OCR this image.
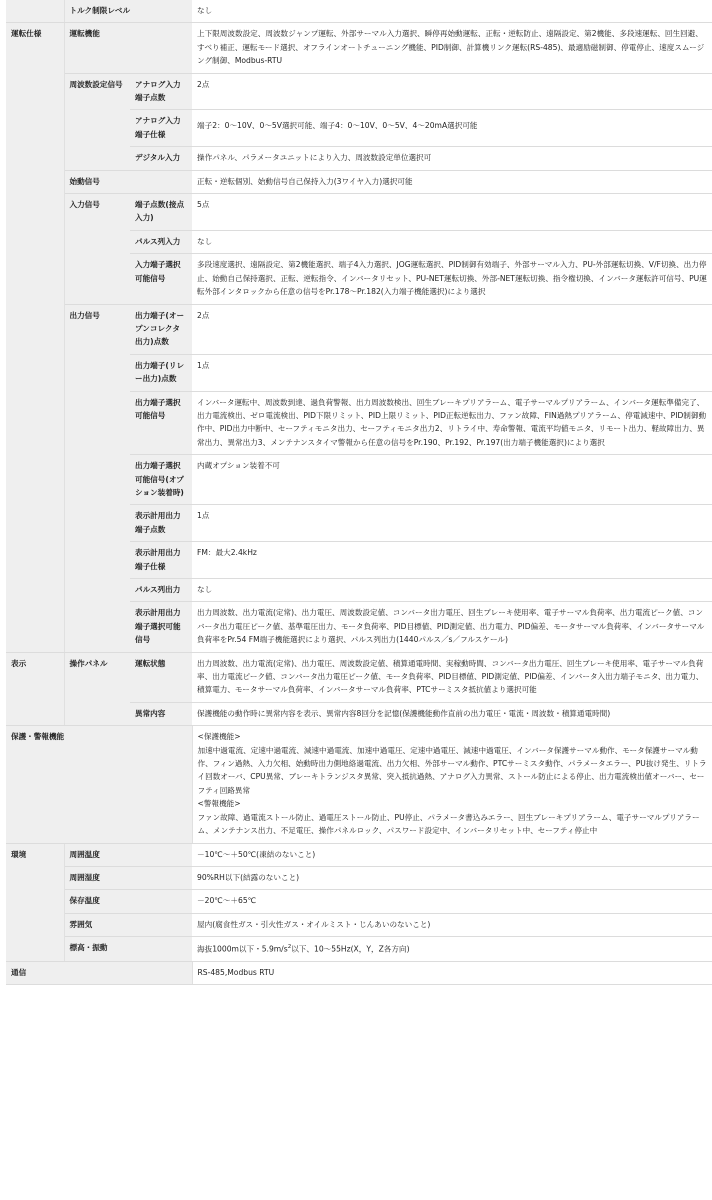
	トルク制限レベル		なし
運転仕様	運転機能		上下限周波数設定、周波数ジャンプ運転、外部サーマル入力選択、瞬停再始動運転、正転・逆転防止、遠隔設定、第2機能、多段速運転、回生回避、すべり補正、運転モード選択、オフラインオートチューニング機能、PID制御、計算機リンク運転(RS-485)、最適励磁制御、停電停止、速度スムージング制御、Modbus-RTU
	周波数設定信号	アナログ入力端子点数	2点
		アナログ入力端子仕様	端子2：0～10V、0～5V選択可能、端子4：0～10V、0～5V、4～20mA選択可能
		デジタル入力	操作パネル、パラメータユニットにより入力、周波数設定単位選択可
	始動信号		正転・逆転個別、始動信号自己保持入力(3ワイヤ入力)選択可能
	入力信号	端子点数(接点入力)	5点
		パルス列入力	なし
		入力端子選択可能信号	多段速度選択、遠隔設定、第2機能選択、端子4入力選択、JOG運転選択、PID制御有効端子、外部サーマル入力、PU-外部運転切換、V/F切換、出力停止、始動自己保持選択、正転、逆転指令、インバータリセット、PU-NET運転切換、外部-NET運転切換、指令権切換、インバータ運転許可信号、PU運転外部インタロックから任意の信号をPr.178～Pr.182(入力端子機能選択)により選択
	出力信号	出力端子(オープンコレクタ出力)点数	2点
		出力端子(リレー出力)点数	1点
		出力端子選択可能信号	インバータ運転中、周波数到達、過負荷警報、出力周波数検出、回生ブレーキプリアラーム、電子サーマルプリアラーム、インバータ運転準備完了、出力電流検出、ゼロ電流検出、PID下限リミット、PID上限リミット、PID正転逆転出力、ファン故障、FIN過熱プリアラーム、停電減速中、PID制御動作中、PID出力中断中、セーフティモニタ出力、セーフティモニタ出力2、リトライ中、寿命警報、電流平均値モニタ、リモート出力、軽故障出力、異常出力、異常出力3、メンテナンスタイマ警報から任意の信号をPr.190、Pr.192、Pr.197(出力端子機能選択)により選択
		出力端子選択可能信号(オプション装着時)	内蔵オプション装着不可
		表示計用出力端子点数	1点
		表示計用出力端子仕様	FM：最大2.4kHz
		パルス列出力	なし
		表示計用出力端子選択可能信号	出力周波数、出力電流(定常)、出力電圧、周波数設定値、コンバータ出力電圧、回生ブレーキ使用率、電子サーマル負荷率、出力電流ピーク値、コンバータ出力電圧ピーク値、基準電圧出力、モータ負荷率、PID目標値、PID測定値、出力電力、PID偏差、モータサーマル負荷率、インバータサーマル負荷率をPr.54 FM端子機能選択により選択、パルス列出力(1440パルス／s／フルスケール)
表示	操作パネル	運転状態	出力周波数、出力電流(定常)、出力電圧、周波数設定値、積算通電時間、実稼動時間、コンバータ出力電圧、回生ブレーキ使用率、電子サーマル負荷率、出力電流ピーク値、コンバータ出力電圧ピーク値、モータ負荷率、PID目標値、PID測定値、PID偏差、インバータ入出力端子モニタ、出力電力、積算電力、モータサーマル負荷率、インバータサーマル負荷率、PTCサーミスタ抵抗値より選択可能
		異常内容	保護機能の動作時に異常内容を表示、異常内容8回分を記憶(保護機能動作直前の出力電圧・電流・周波数・積算通電時間)
保護・警報機能			<保護機能>
加速中過電流、定速中過電流、減速中過電流、加速中過電圧、定速中過電圧、減速中過電圧、インバータ保護サーマル動作、モータ保護サーマル動作、フィン過熱、入力欠相、始動時出力側地絡過電流、出力欠相、外部サーマル動作、PTCサーミスタ動作、パラメータエラー、PU抜け発生、リトライ回数オーバ、CPU異常、ブレーキトランジスタ異常、突入抵抗過熱、アナログ入力異常、ストール防止による停止、出力電流検出値オーバー、セーフティ回路異常
<警報機能>
ファン故障、過電流ストール防止、過電圧ストール防止、PU停止、パラメータ書込みエラー、回生ブレーキプリアラーム、電子サーマルプリアラーム、メンテナンス出力、不足電圧、操作パネルロック、パスワード設定中、インバータリセット中、セーフティ停止中

環境	周囲温度		－10℃～＋50℃(凍結のないこと)
	周囲湿度		90%RH以下(結露のないこと)
	保存温度		－20℃～＋65℃
	雰囲気		屋内(腐食性ガス・引火性ガス・オイルミスト・じんあいのないこと)
	標高・振動		海抜1000m以下・$5.9m/s^2$以下、10～55Hz(X，Y，Z各方向)
通信			RS-485,Modbus RTU
